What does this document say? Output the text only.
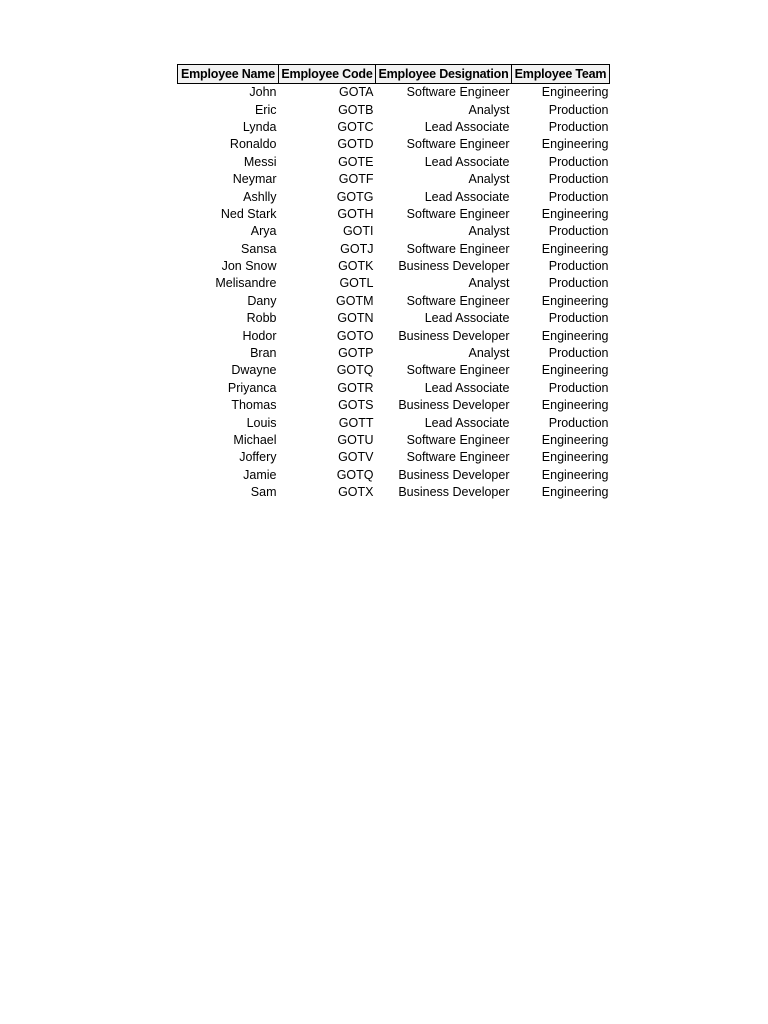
Employee Name	Employee Code	Employee Designation	Employee Team
John	GOTA	Software Engineer	Engineering
Eric	GOTB	Analyst	Production
Lynda	GOTC	Lead Associate	Production
Ronaldo	GOTD	Software Engineer	Engineering
Messi	GOTE	Lead Associate	Production
Neymar	GOTF	Analyst	Production
Ashlly	GOTG	Lead Associate	Production
Ned Stark	GOTH	Software Engineer	Engineering
Arya	GOTI	Analyst	Production
Sansa	GOTJ	Software Engineer	Engineering
Jon Snow	GOTK	Business Developer	Production
Melisandre	GOTL	Analyst	Production
Dany	GOTM	Software Engineer	Engineering
Robb	GOTN	Lead Associate	Production
Hodor	GOTO	Business Developer	Engineering
Bran	GOTP	Analyst	Production
Dwayne	GOTQ	Software Engineer	Engineering
Priyanca	GOTR	Lead Associate	Production
Thomas	GOTS	Business Developer	Engineering
Louis	GOTT	Lead Associate	Production
Michael	GOTU	Software Engineer	Engineering
Joffery	GOTV	Software Engineer	Engineering
Jamie	GOTQ	Business Developer	Engineering
Sam	GOTX	Business Developer	Engineering
